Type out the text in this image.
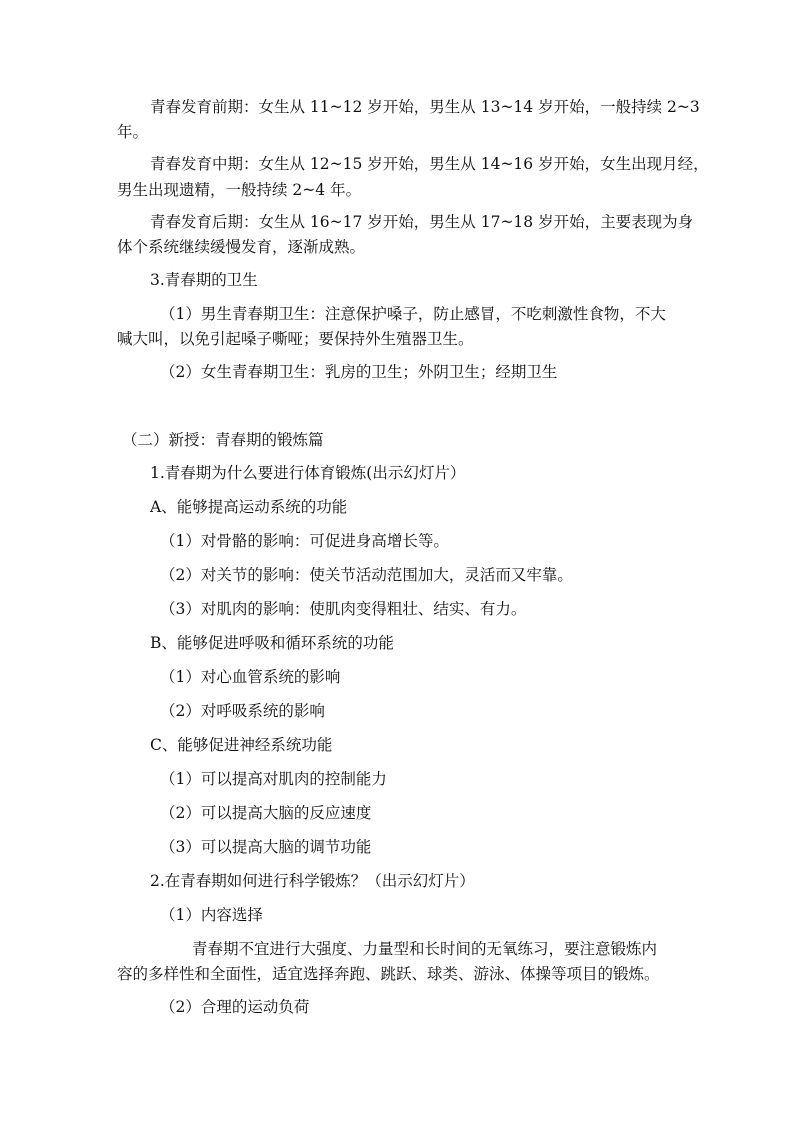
青春发育前期：女生从 11~12 岁开始，男生从 13~14 岁开始，一般持续 2~3
年。
青春发育中期：女生从 12~15 岁开始，男生从 14~16 岁开始，女生出现月经，
男生出现遗精，一般持续 2~4 年。
青春发育后期：女生从 16~17 岁开始，男生从 17~18 岁开始，主要表现为身
体个系统继续缓慢发育，逐渐成熟。
3.青春期的卫生
（1）男生青春期卫生：注意保护嗓子，防止感冒，不吃刺激性食物，不大
喊大叫，以免引起嗓子嘶哑；要保持外生殖器卫生。
（2）女生青春期卫生：乳房的卫生；外阴卫生；经期卫生
（二）新授：青春期的锻炼篇
1.青春期为什么要进行体育锻炼(出示幻灯片）
A、能够提高运动系统的功能
（1）对骨骼的影响：可促进身高增长等。
（2）对关节的影响：使关节活动范围加大，灵活而又牢靠。
（3）对肌肉的影响：使肌肉变得粗壮、结实、有力。
B、能够促进呼吸和循环系统的功能
（1）对心血管系统的影响
（2）对呼吸系统的影响
C、能够促进神经系统功能
（1）可以提高对肌肉的控制能力
（2）可以提高大脑的反应速度
（3）可以提高大脑的调节功能
2.在青春期如何进行科学锻炼？（出示幻灯片）
（1）内容选择
青春期不宜进行大强度、力量型和长时间的无氧练习，要注意锻炼内
容的多样性和全面性，适宜选择奔跑、跳跃、球类、游泳、体操等项目的锻炼。
（2）合理的运动负荷
